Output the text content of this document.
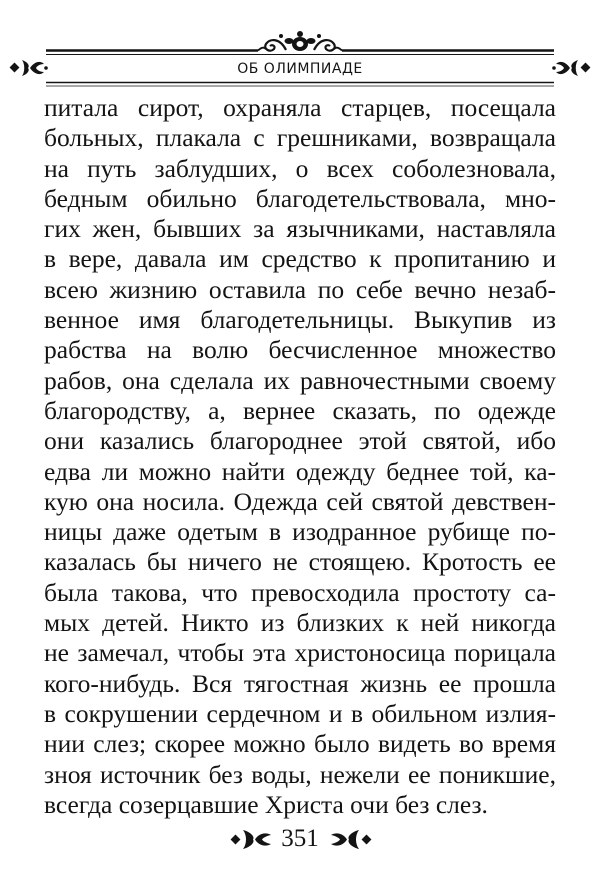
ОБ ОЛИМПИАДЕ
питала сирот, охраняла старцев, посещала
больных, плакала с грешниками, возвращала
на путь заблудших, о всех соболезновала,
бедным обильно благодетельствовала, мно-
гих жен, бывших за язычниками, наставляла
в вере, давала им средство к пропитанию и
всею жизнию оставила по себе вечно незаб-
венное имя благодетельницы. Выкупив из
рабства на волю бесчисленное множество
рабов, она сделала их равночестными своему
благородству, а, вернее сказать, по одежде
они казались благороднее этой святой, ибо
едва ли можно найти одежду беднее той, ка-
кую она носила. Одежда сей святой девствен-
ницы даже одетым в изодранное рубище по-
казалась бы ничего не стоящею. Кротость ее
была такова, что превосходила простоту са-
мых детей. Никто из близких к ней никогда
не замечал, чтобы эта христоносица порицала
кого-нибудь. Вся тягостная жизнь ее прошла
в сокрушении сердечном и в обильном излия-
нии слез; скорее можно было видеть во время
зноя источник без воды, нежели ее поникшие,
всегда созерцавшие Христа очи без слез.
351
